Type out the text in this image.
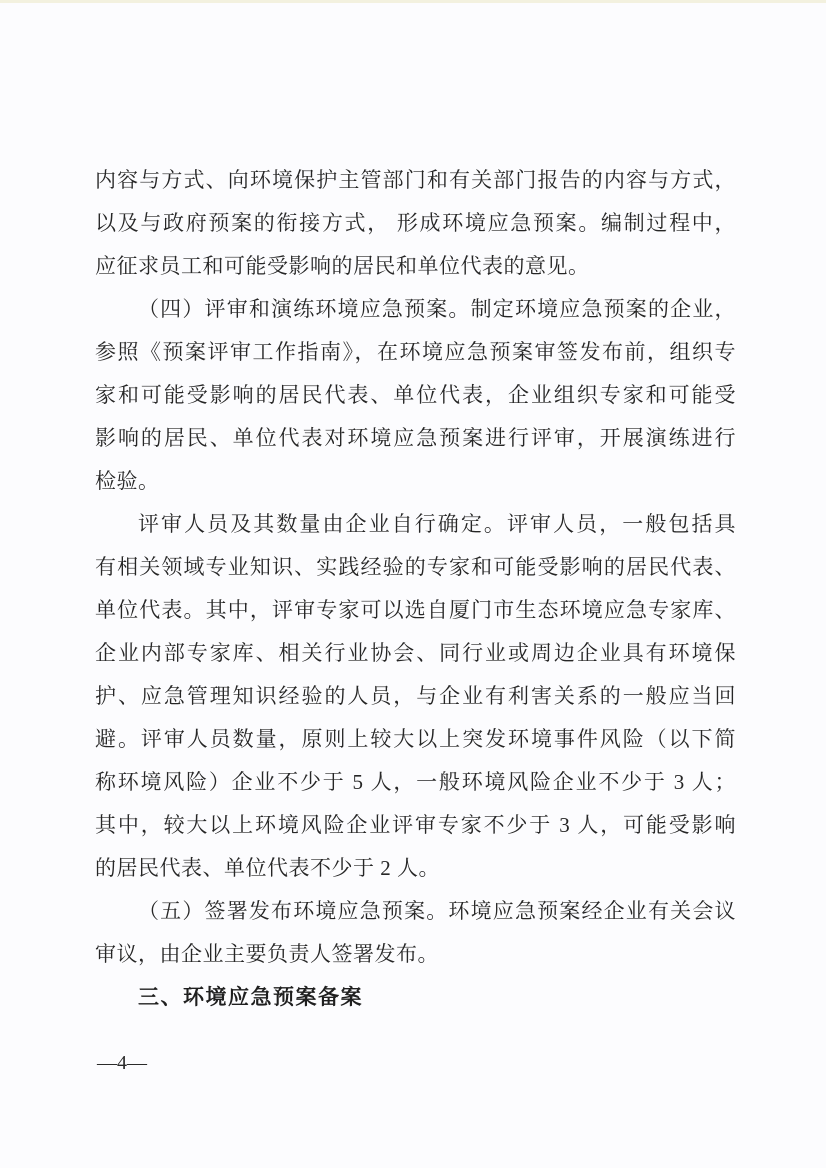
内容与方式、向环境保护主管部门和有关部门报告的内容与方式，
以及与政府预案的衔接方式， 形成环境应急预案。编制过程中，
应征求员工和可能受影响的居民和单位代表的意见。
（四）评审和演练环境应急预案。制定环境应急预案的企业，
参照《预案评审工作指南》，在环境应急预案审签发布前，组织专
家和可能受影响的居民代表、单位代表，企业组织专家和可能受
影响的居民、单位代表对环境应急预案进行评审，开展演练进行
检验。
评审人员及其数量由企业自行确定。评审人员，一般包括具
有相关领域专业知识、实践经验的专家和可能受影响的居民代表、
单位代表。其中，评审专家可以选自厦门市生态环境应急专家库、
企业内部专家库、相关行业协会、同行业或周边企业具有环境保
护、应急管理知识经验的人员，与企业有利害关系的一般应当回
避。评审人员数量，原则上较大以上突发环境事件风险（以下简
称环境风险）企业不少于 5 人，一般环境风险企业不少于 3 人；
其中，较大以上环境风险企业评审专家不少于 3 人，可能受影响
的居民代表、单位代表不少于 2 人。
（五）签署发布环境应急预案。环境应急预案经企业有关会议
审议，由企业主要负责人签署发布。
三、环境应急预案备案
—4—
